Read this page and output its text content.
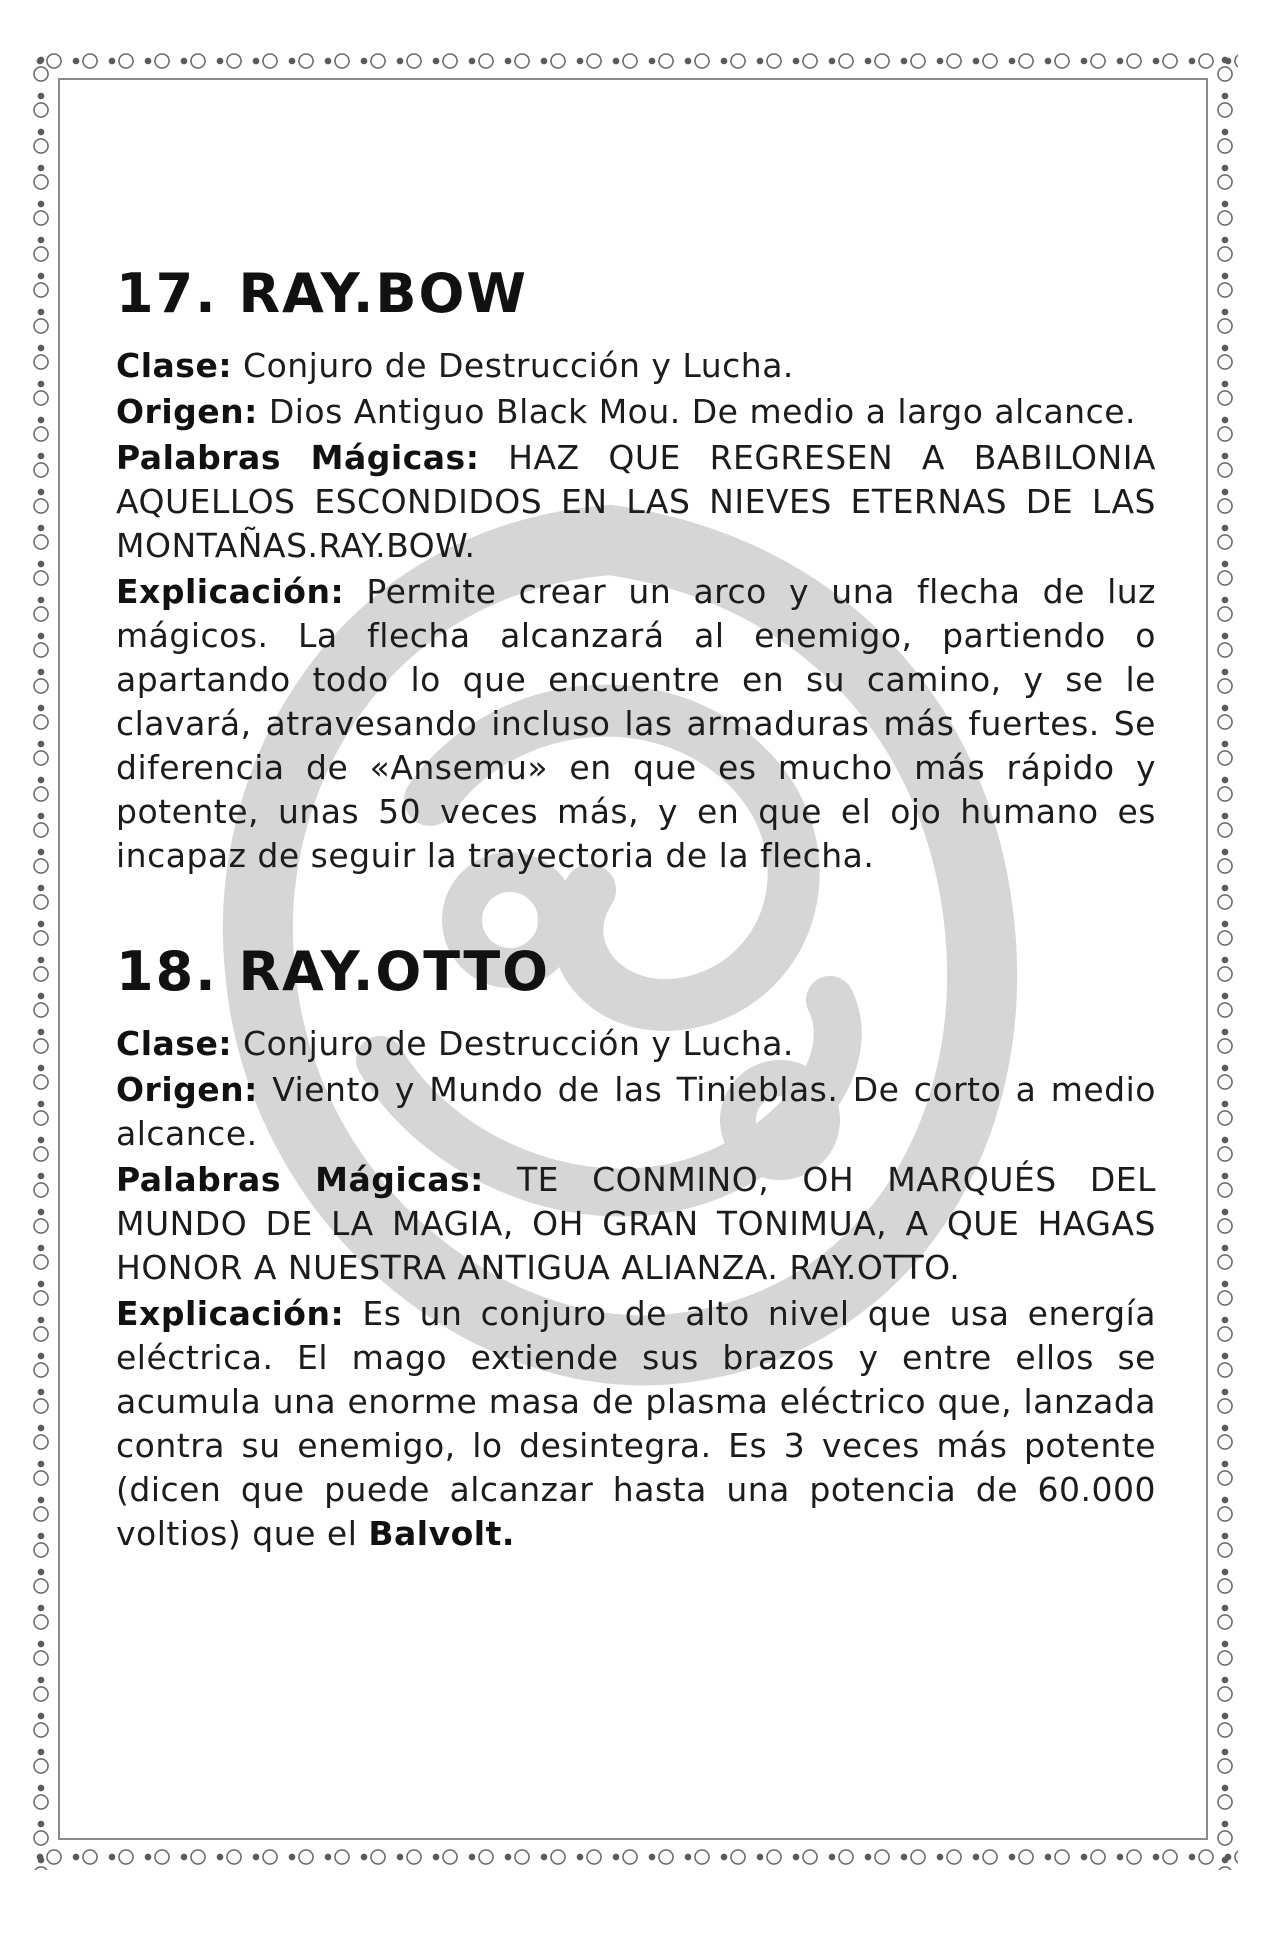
17. RAY.BOW

Clase: Conjuro de Destrucción y Lucha.

Origen: Dios Antiguo Black Mou. De medio a largo alcance.

Palabras Mágicas: HAZ QUE REGRESEN A BABILONIA AQUELLOS ESCONDIDOS EN LAS NIEVES ETERNAS DE LAS MONTAÑAS.RAY.BOW.

Explicación: Permite crear un arco y una flecha de luz mágicos. La flecha alcanzará al enemigo, partiendo o apartando todo lo que encuentre en su camino, y se le clavará, atravesando incluso las armaduras más fuertes. Se diferencia de «Ansemu» en que es mucho más rápido y potente, unas 50 veces más, y en que el ojo humano es incapaz de seguir la trayectoria de la flecha.

18. RAY.OTTO

Clase: Conjuro de Destrucción y Lucha.

Origen: Viento y Mundo de las Tinieblas. De corto a medio alcance.

Palabras Mágicas: TE CONMINO, OH MARQUÉS DEL MUNDO DE LA MAGIA, OH GRAN TONIMUA, A QUE HAGAS HONOR A NUESTRA ANTIGUA ALIANZA. RAY.OTTO.

Explicación: Es un conjuro de alto nivel que usa energía eléctrica. El mago extiende sus brazos y entre ellos se acumula una enorme masa de plasma eléctrico que, lanzada contra su enemigo, lo desintegra. Es 3 veces más potente (dicen que puede alcanzar hasta una potencia de 60.000 voltios) que el Balvolt.
